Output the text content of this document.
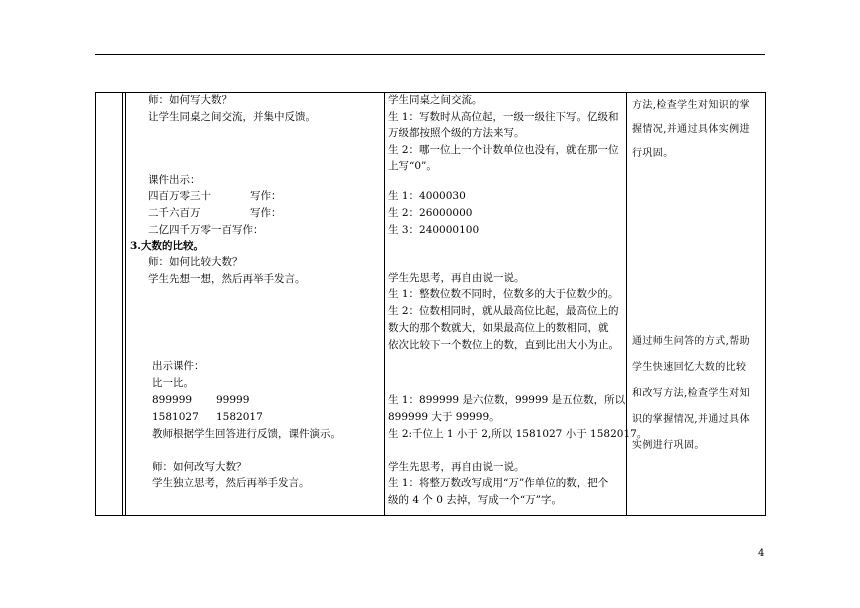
师：如何写大数？
让学生同桌之间交流，并集中反馈。
课件出示：
四百万零三十	写作：
二千六百万	写作：
二亿四千万零一百写作：
3.大数的比较。
师：如何比较大数？
学生先想一想，然后再举手发言。
出示课件：
比一比。
899999 99999
1581027 1582017
教师根据学生回答进行反馈，课件演示。
师：如何改写大数？
学生独立思考，然后再举手发言。
学生同桌之间交流。
生 1：写数时从高位起，一级一级往下写。亿级和
万级都按照个级的方法来写。
生 2：哪一位上一个计数单位也没有，就在那一位
上写“0”。
生 1：4000030
生 2：26000000
生 3：240000100
学生先思考，再自由说一说。
生 1：整数位数不同时，位数多的大于位数少的。
生 2：位数相同时，就从最高位比起，最高位上的
数大的那个数就大，如果最高位上的数相同，就
依次比较下一个数位上的数，直到比出大小为止。
生 1：899999 是六位数，99999 是五位数，所以
899999 大于 99999。
生 2:千位上 1 小于 2,所以 1581027 小于 1582017。
学生先思考，再自由说一说。
生 1：将整万数改写成用“万”作单位的数，把个
级的 4 个 0 去掉，写成一个“万”字。
方法,检查学生对知识的掌
握情况,并通过具体实例进
行巩固。
通过师生问答的方式,帮助
学生快速回忆大数的比较
和改写方法,检查学生对知
识的掌握情况,并通过具体
实例进行巩固。
4
